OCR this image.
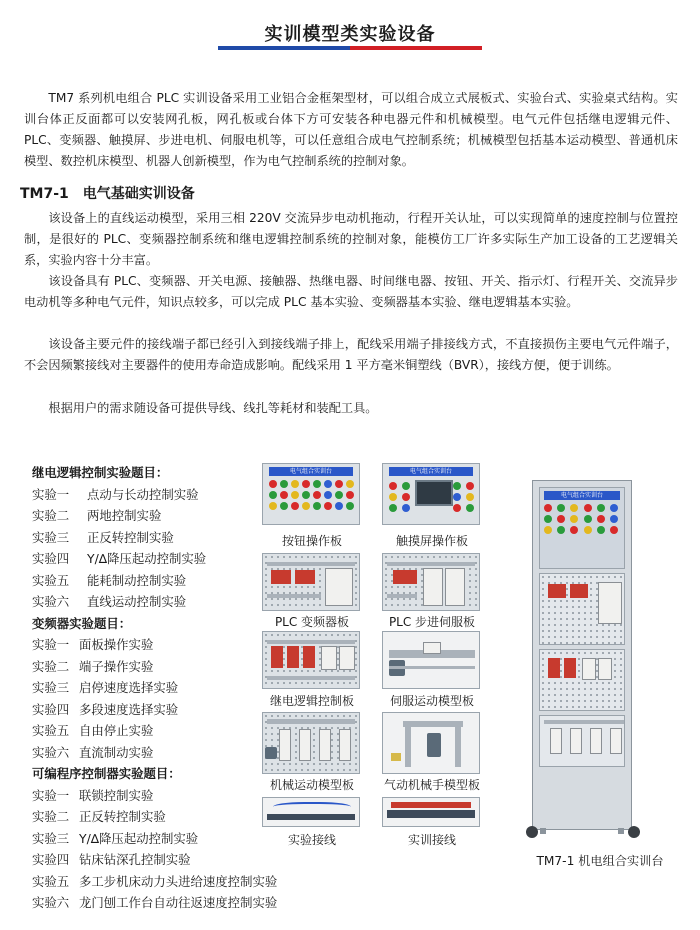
实训模型类实验设备

TM7 系列机电组合 PLC 实训设备采用工业铝合金框架型材，可以组合成立式展板式、实验台式、实验桌式结构。实训台体正反面都可以安装网孔板，网孔板或台体下方可安装各种电器元件和机械模型。电气元件包括继电逻辑元件、PLC、变频器、触摸屏、步进电机、伺服电机等，可以任意组合成电气控制系统；机械模型包括基本运动模型、普通机床模型、数控机床模型、机器人创新模型，作为电气控制系统的控制对象。

TM7-1　电气基础实训设备

该设备上的直线运动模型，采用三相 220V 交流异步电动机拖动，行程开关认址，可以实现简单的速度控制与位置控制，是很好的 PLC、变频器控制系统和继电逻辑控制系统的控制对象，能模仿工厂许多实际生产加工设备的工艺逻辑关系，实验内容十分丰富。

该设备具有 PLC、变频器、开关电源、接触器、热继电器、时间继电器、按钮、开关、指示灯、行程开关、交流异步电动机等多种电气元件，知识点较多，可以完成 PLC 基本实验、变频器基本实验、继电逻辑基本实验。

该设备主要元件的接线端子都已经引入到接线端子排上，配线采用端子排接线方式，不直接损伤主要电气元件端子，不会因频繁接线对主要器件的使用寿命造成影响。配线采用 1 平方毫米铜塑线（BVR），接线方便，便于训练。

根据用户的需求随设备可提供导线、线扎等耗材和装配工具。

继电逻辑控制实验题目：
实验一	点动与长动控制实验
实验二	两地控制实验
实验三	正反转控制实验
实验四	Y/∆降压起动控制实验
实验五	能耗制动控制实验
实验六	直线运动控制实验
变频器实验题目：
实验一 面板操作实验
实验二 端子操作实验
实验三 启停速度选择实验
实验四 多段速度选择实验
实验五 自由停止实验
实验六 直流制动实验
可编程序控制器实验题目：
实验一 联锁控制实验
实验二 正反转控制实验
实验三 Y/∆降压起动控制实验
实验四 钻床钻深孔控制实验
实验五 多工步机床动力头进给速度控制实验
实验六 龙门刨工作台自动往返速度控制实验
电气组合实训台
按钮操作板
电气组合实训台
触摸屏操作板
PLC 变频器板	PLC 步进伺服板
继电逻辑控制板	伺服运动模型板
机械运动模型板	气动机械手模型板
实验接线	实训接线
电气组合实训台
TM7-1 机电组合实训台
